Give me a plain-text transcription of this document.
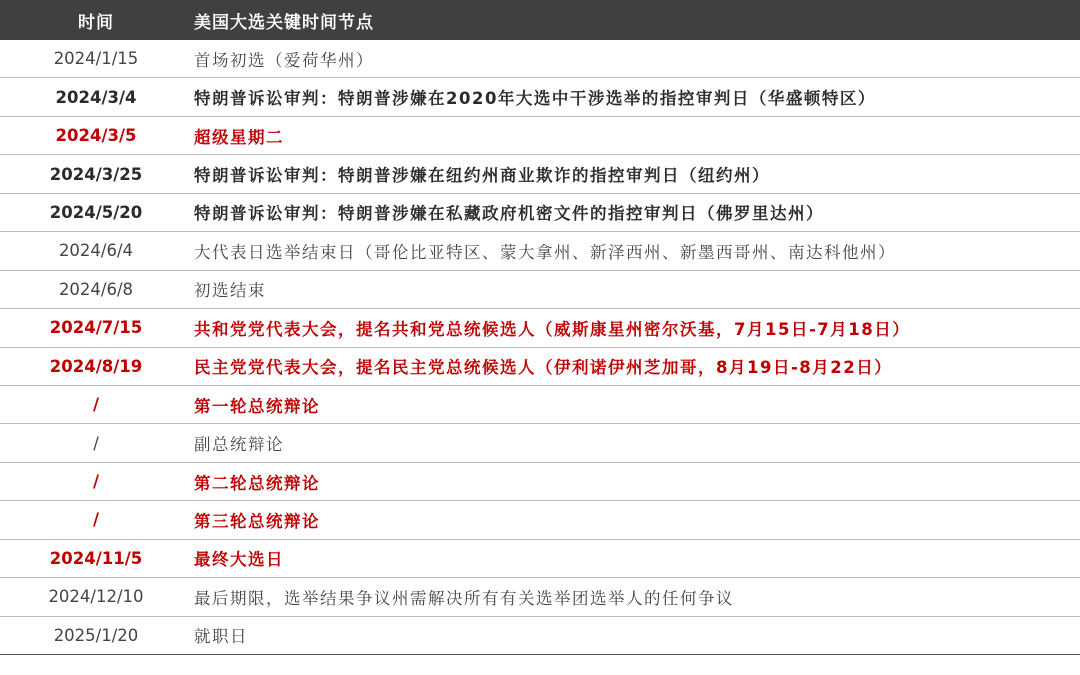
时间	美国大选关键时间节点
2024/1/15	首场初选（爱荷华州）
2024/3/4	特朗普诉讼审判：特朗普涉嫌在2020年大选中干涉选举的指控审判日（华盛顿特区）
2024/3/5	超级星期二
2024/3/25	特朗普诉讼审判：特朗普涉嫌在纽约州商业欺诈的指控审判日（纽约州）
2024/5/20	特朗普诉讼审判：特朗普涉嫌在私藏政府机密文件的指控审判日（佛罗里达州）
2024/6/4	大代表日选举结束日（哥伦比亚特区、蒙大拿州、新泽西州、新墨西哥州、南达科他州）
2024/6/8	初选结束
2024/7/15	共和党党代表大会，提名共和党总统候选人（威斯康星州密尔沃基，7月15日-7月18日）
2024/8/19	民主党党代表大会，提名民主党总统候选人（伊利诺伊州芝加哥，8月19日-8月22日）
/	第一轮总统辩论
/	副总统辩论
/	第二轮总统辩论
/	第三轮总统辩论
2024/11/5	最终大选日
2024/12/10	最后期限，选举结果争议州需解决所有有关选举团选举人的任何争议
2025/1/20	就职日
